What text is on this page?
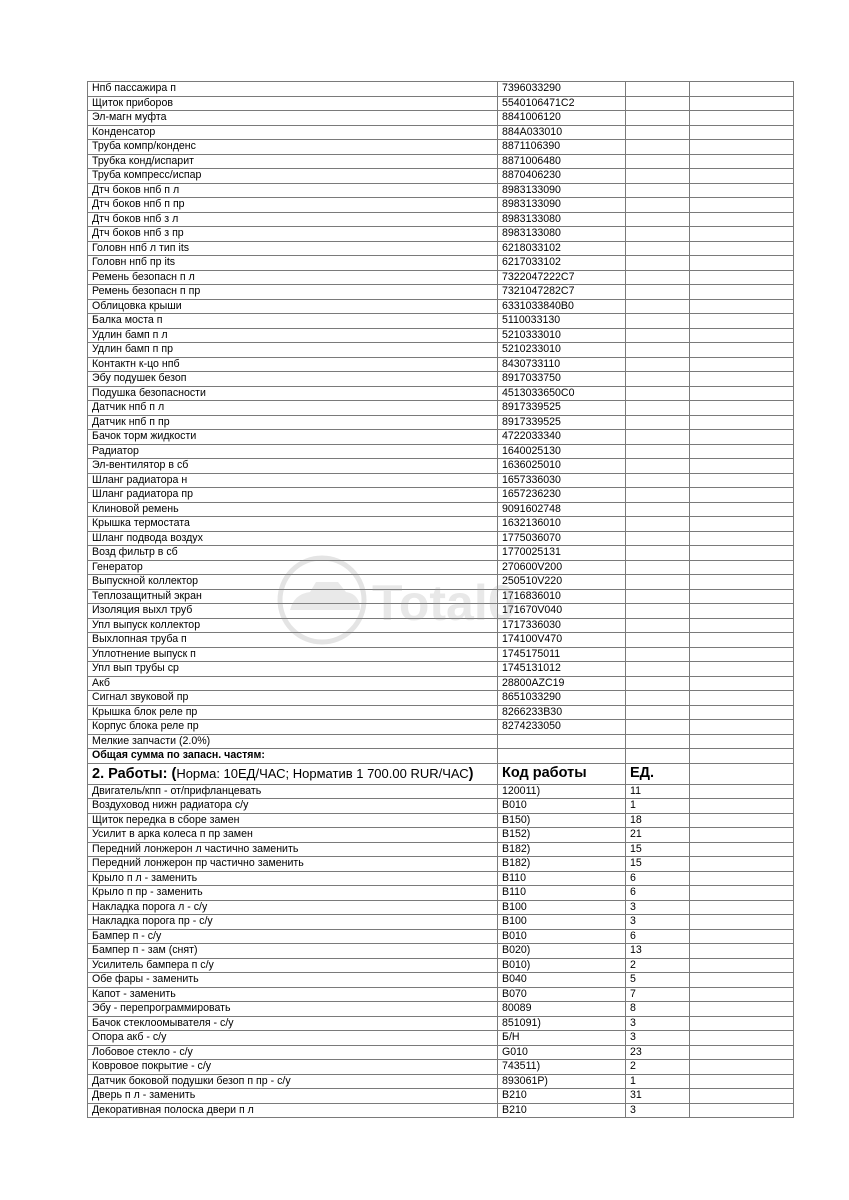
Нпб пассажира п	7396033290		
Щиток приборов	5540106471C2		
Эл-магн муфта	8841006120		
Конденсатор	884A033010		
Труба компр/конденс	8871106390		
Трубка конд/испарит	8871006480		
Труба компресс/испар	8870406230		
Дтч боков нпб п л	8983133090		
Дтч боков нпб п пр	8983133090		
Дтч боков нпб з л	8983133080		
Дтч боков нпб з пр	8983133080		
Головн нпб л тип its	6218033102		
Головн нпб пр its	6217033102		
Ремень безопасн п л	7322047222C7		
Ремень безопасн п пр	7321047282C7		
Облицовка крыши	6331033840B0		
Балка моста п	5110033130		
Удлин бамп п л	5210333010		
Удлин бамп п пр	5210233010		
Контактн к-цо нпб	8430733110		
Эбу подушек безоп	8917033750		
Подушка безопасности	4513033650C0		
Датчик нпб п л	8917339525		
Датчик нпб п пр	8917339525		
Бачок торм жидкости	4722033340		
Радиатор	1640025130		
Эл-вентилятор в сб	1636025010		
Шланг радиатора н	1657336030		
Шланг радиатора пр	1657236230		
Клиновой ремень	9091602748		
Крышка термостата	1632136010		
Шланг подвода воздух	1775036070		
Возд фильтр в сб	1770025131		
Генератор	270600V200		
Выпускной коллектор	250510V220		
Теплозащитный экран	1716836010		
Изоляция выхл труб	171670V040		
Упл выпуск коллектор	1717336030		
Выхлопная труба п	174100V470		
Уплотнение выпуск п	1745175011		
Упл вып трубы ср	1745131012		
Акб	28800AZC19		
Сигнал звуковой пр	8651033290		
Крышка блок реле пр	8266233B30		
Корпус блока реле пр	8274233050		
Мелкие запчасти (2.0%)			
Общая сумма по запасн. частям:			
2. Работы: (Норма: 10ЕД/ЧАС; Норматив 1 700.00 RUR/ЧАС)	Код работы	ЕД.	
Двигатель/кпп - от/прифланцевать	120011)	11	
Воздуховод нижн радиатора с/у	B010	1	
Щиток передка в сборе замен	B150)	18	
Усилит в арка колеса п пр замен	B152)	21	
Передний лонжерон л частично заменить	B182)	15	
Передний лонжерон пр частично заменить	B182)	15	
Крыло п л - заменить	B110	6	
Крыло п пр - заменить	B110	6	
Накладка порога л - с/у	B100	3	
Накладка порога пр - с/у	B100	3	
Бампер п - с/у	B010	6	
Бампер п - зам (снят)	B020)	13	
Усилитель бампера п с/у	B010)	2	
Обе фары - заменить	B040	5	
Капот - заменить	B070	7	
Эбу - перепрограммировать	80089	8	
Бачок стеклоомывателя - с/у	851091)	3	
Опора акб - с/у	Б/Н	3	
Лобовое стекло - с/у	G010	23	
Ковровое покрытие - с/у	743511)	2	
Датчик боковой подушки безоп п пр - с/у	893061P)	1	
Дверь п л - заменить	B210	31	
Декоративная полоска двери п л	B210	3	
Total0
